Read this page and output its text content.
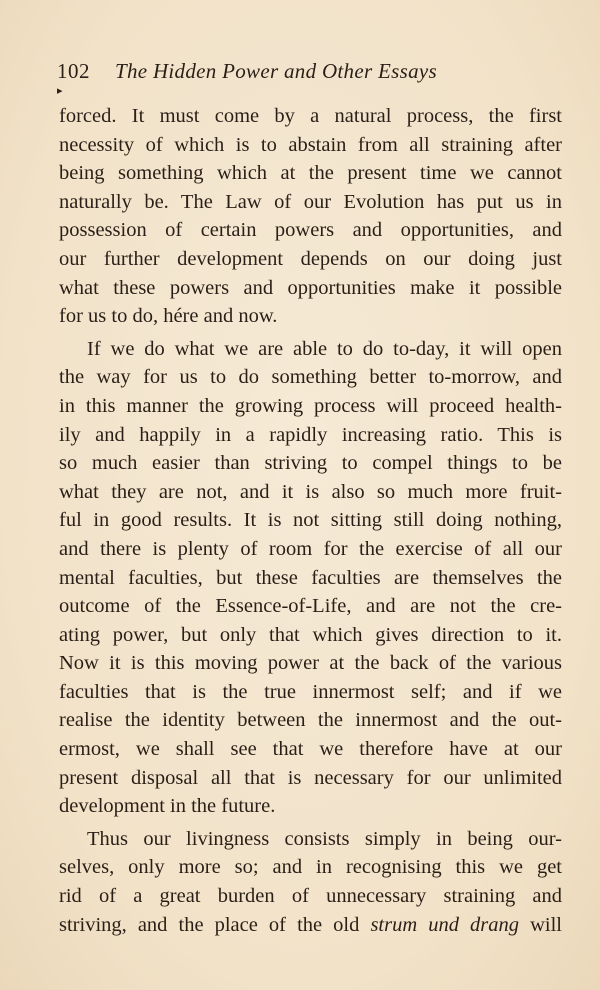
102 The Hidden Power and Other Essays
▸
forced. It must come by a natural process, the first
necessity of which is to abstain from all straining after
being something which at the present time we cannot
naturally be. The Law of our Evolution has put us in
possession of certain powers and opportunities, and
our further development depends on our doing just
what these powers and opportunities make it possible
for us to do, hére and now.
If we do what we are able to do to-day, it will open
the way for us to do something better to-morrow, and
in this manner the growing process will proceed health-
ily and happily in a rapidly increasing ratio. This is
so much easier than striving to compel things to be
what they are not, and it is also so much more fruit-
ful in good results. It is not sitting still doing nothing,
and there is plenty of room for the exercise of all our
mental faculties, but these faculties are themselves the
outcome of the Essence-of-Life, and are not the cre-
ating power, but only that which gives direction to it.
Now it is this moving power at the back of the various
faculties that is the true innermost self; and if we
realise the identity between the innermost and the out-
ermost, we shall see that we therefore have at our
present disposal all that is necessary for our unlimited
development in the future.
Thus our livingness consists simply in being our-
selves, only more so; and in recognising this we get
rid of a great burden of unnecessary straining and
striving, and the place of the old strum und drang will
